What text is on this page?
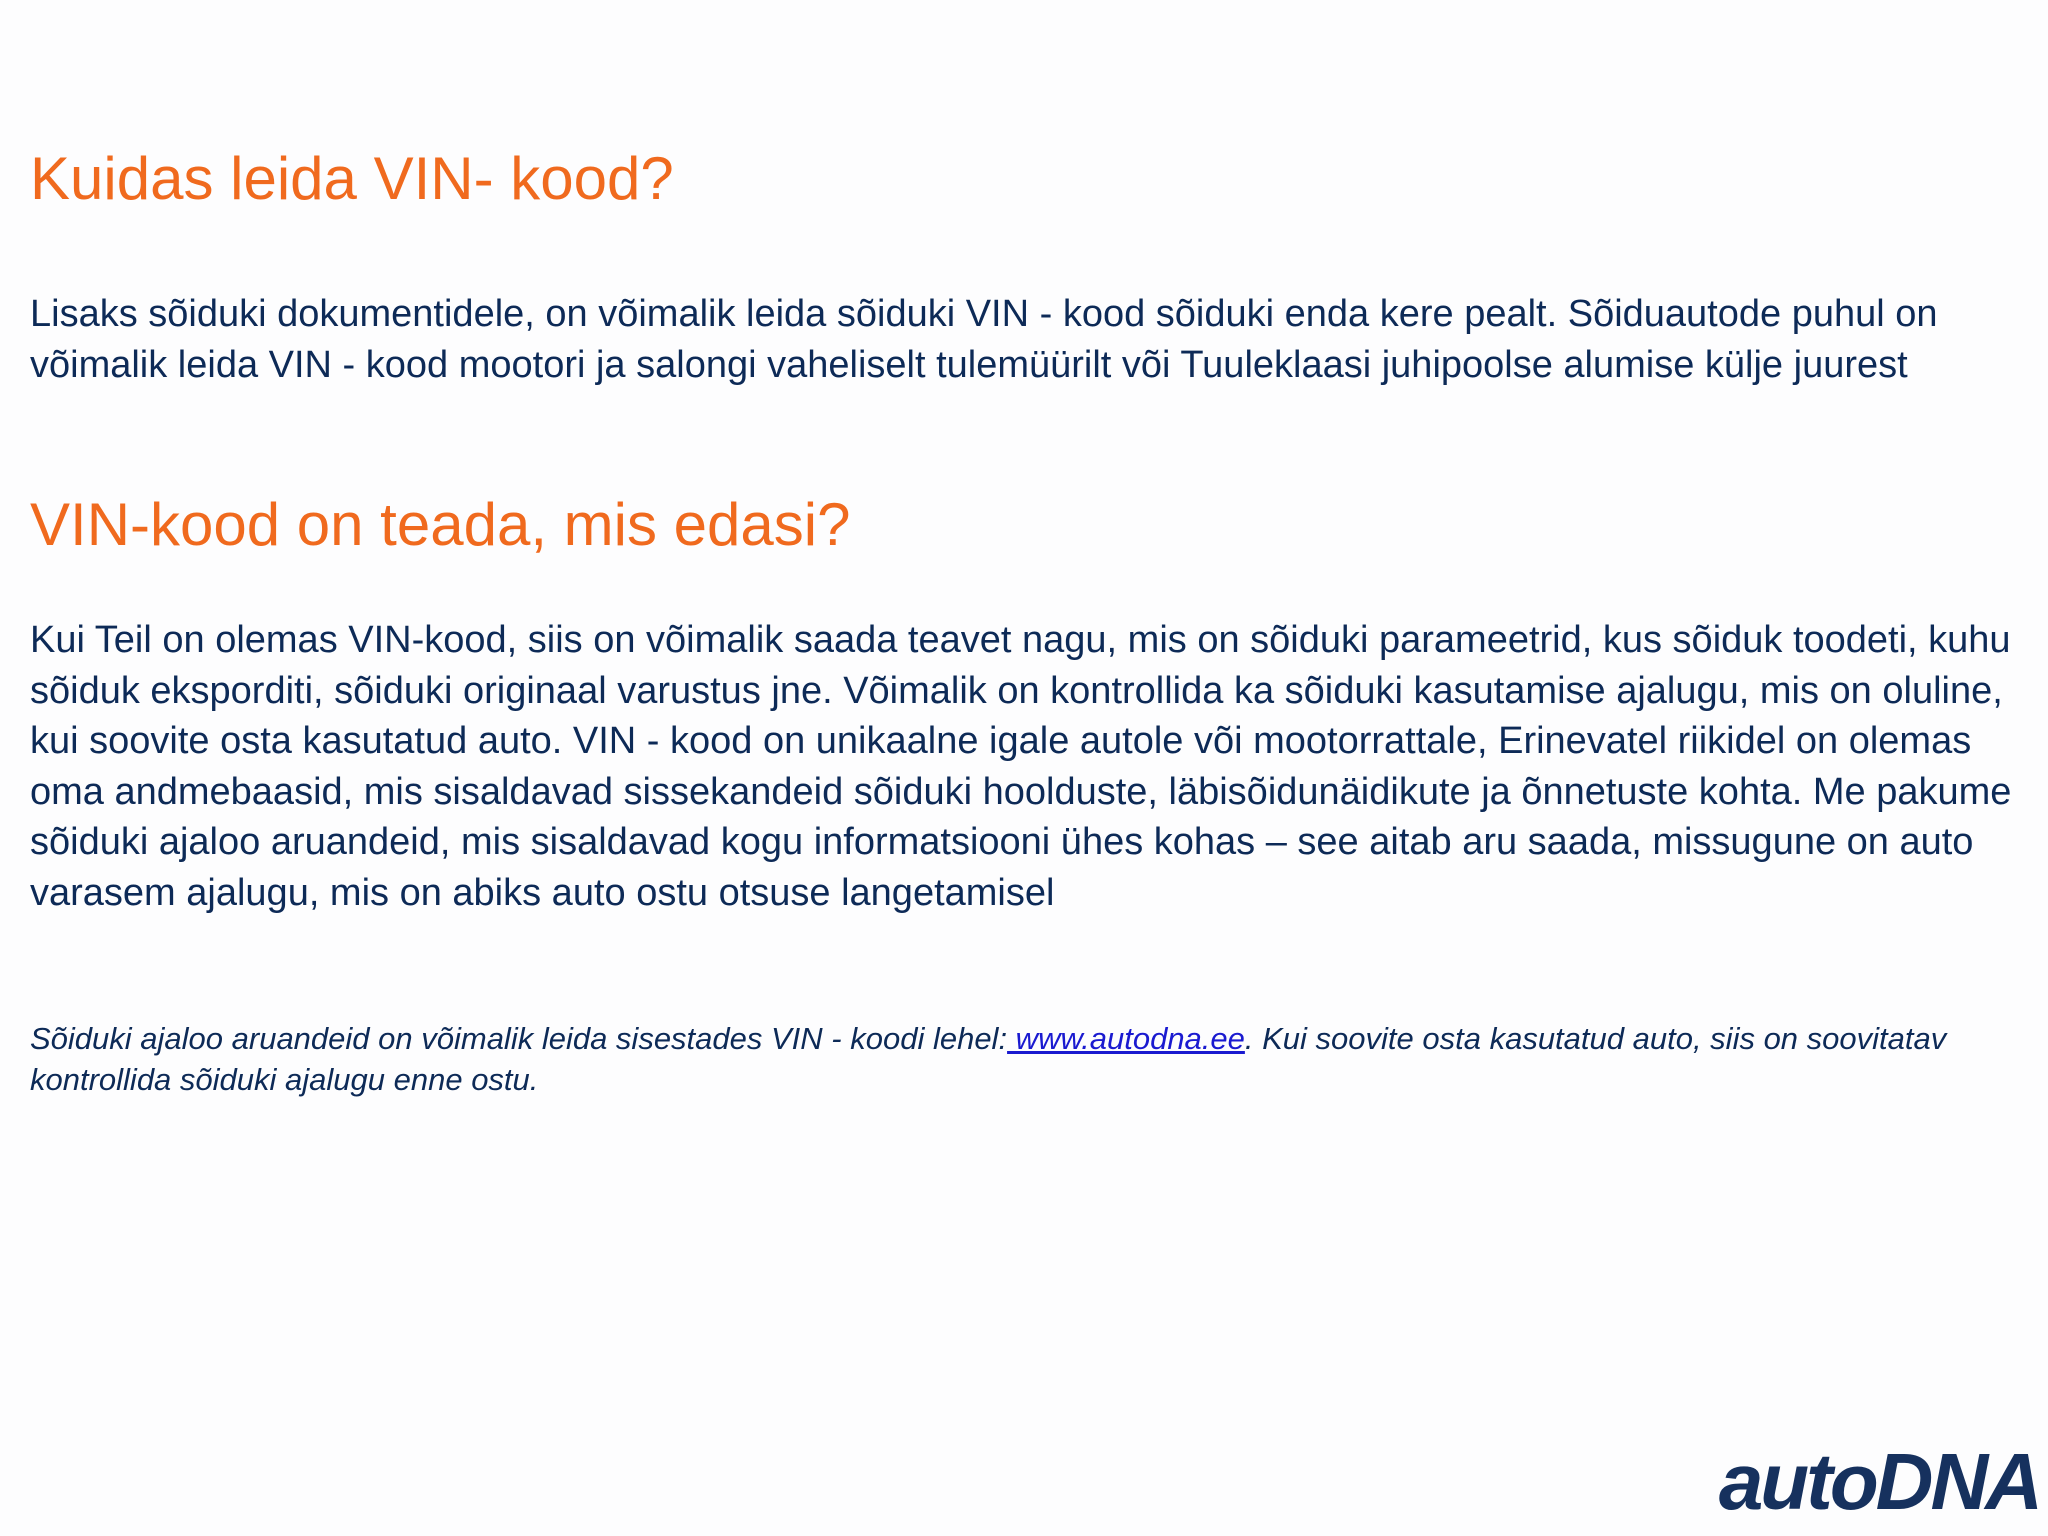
Kuidas leida VIN- kood?

Lisaks sõiduki dokumentidele, on võimalik leida sõiduki VIN - kood sõiduki enda kere pealt. Sõiduautode puhul on võimalik leida VIN - kood mootori ja salongi vaheliselt tulemüürilt või Tuuleklaasi juhipoolse alumise külje juurest

VIN-kood on teada, mis edasi?

Kui Teil on olemas VIN-kood, siis on võimalik saada teavet nagu, mis on sõiduki parameetrid, kus sõiduk toodeti, kuhu sõiduk eksporditi, sõiduki originaal varustus jne. Võimalik on kontrollida ka sõiduki kasutamise ajalugu, mis on oluline, kui soovite osta kasutatud auto. VIN - kood on unikaalne igale autole või mootorrattale, Erinevatel riikidel on olemas oma andmebaasid, mis sisaldavad sissekandeid sõiduki hoolduste, läbisõidunäidikute ja õnnetuste kohta. Me pakume sõiduki ajaloo aruandeid, mis sisaldavad kogu informatsiooni ühes kohas – see aitab aru saada, missugune on auto varasem ajalugu, mis on abiks auto ostu otsuse langetamisel

Sõiduki ajaloo aruandeid on võimalik leida sisestades VIN - koodi lehel: www.autodna.ee. Kui soovite osta kasutatud auto, siis on soovitatav kontrollida sõiduki ajalugu enne ostu.

autoDNA
